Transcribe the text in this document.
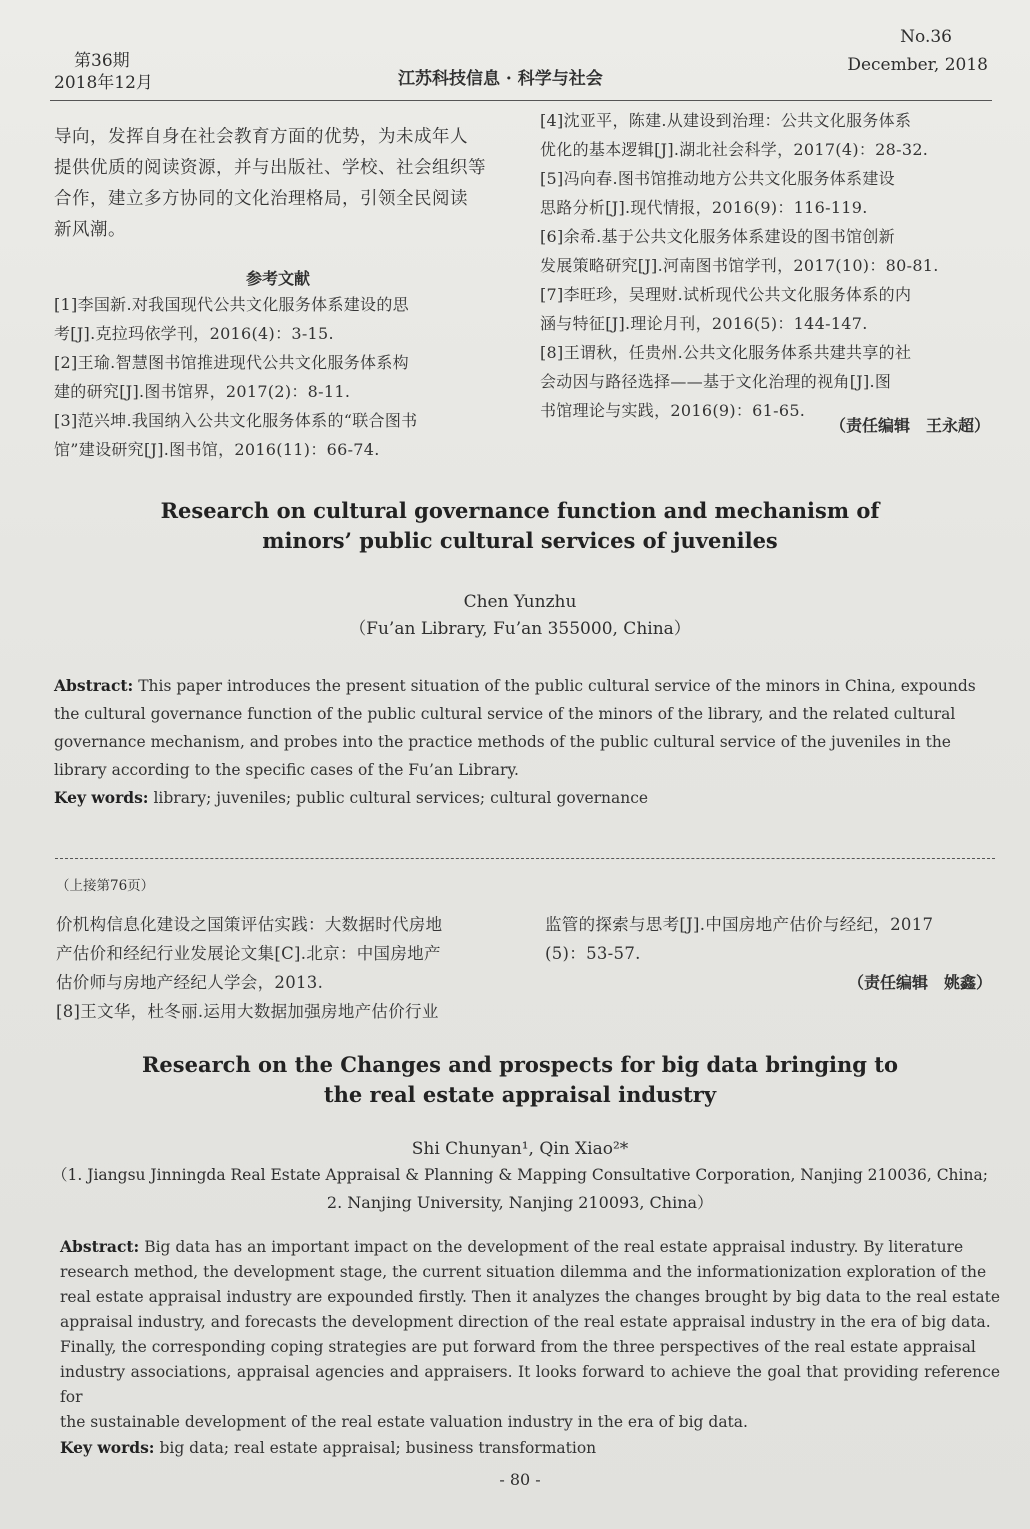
第36期
2018年12月	江苏科技信息 · 科学与社会
No.36
December, 2018
导向，发挥自身在社会教育方面的优势，为未成年人
提供优质的阅读资源，并与出版社、学校、社会组织等
合作，建立多方协同的文化治理格局，引领全民阅读
新风潮。
参考文献
[1]李国新.对我国现代公共文化服务体系建设的思
考[J].克拉玛依学刊，2016(4)：3-15.
[2]王瑜.智慧图书馆推进现代公共文化服务体系构
建的研究[J].图书馆界，2017(2)：8-11.
[3]范兴坤.我国纳入公共文化服务体系的“联合图书
馆”建设研究[J].图书馆，2016(11)：66-74.
[4]沈亚平，陈建.从建设到治理：公共文化服务体系
优化的基本逻辑[J].湖北社会科学，2017(4)：28-32.
[5]冯向春.图书馆推动地方公共文化服务体系建设
思路分析[J].现代情报，2016(9)：116-119.
[6]余希.基于公共文化服务体系建设的图书馆创新
发展策略研究[J].河南图书馆学刊，2017(10)：80-81.
[7]李旺珍，吴理财.试析现代公共文化服务体系的内
涵与特征[J].理论月刊，2016(5)：144-147.
[8]王谓秋，任贵州.公共文化服务体系共建共享的社
会动因与路径选择——基于文化治理的视角[J].图
书馆理论与实践，2016(9)：61-65.
（责任编辑　王永超）
Research on cultural governance function and mechanism of
minors’ public cultural services of juveniles
Chen Yunzhu
（Fu’an Library, Fu’an 355000, China）
Abstract: This paper introduces the present situation of the public cultural service of the minors in China, expounds
the cultural governance function of the public cultural service of the minors of the library, and the related cultural
governance mechanism, and probes into the practice methods of the public cultural service of the juveniles in the
library according to the specific cases of the Fu’an Library.
Key words: library; juveniles; public cultural services; cultural governance
（上接第76页）
价机构信息化建设之国策评估实践：大数据时代房地
产估价和经纪行业发展论文集[C].北京：中国房地产
估价师与房地产经纪人学会，2013.
[8]王文华，杜冬丽.运用大数据加强房地产估价行业
监管的探索与思考[J].中国房地产估价与经纪，2017
(5)：53-57.
（责任编辑　姚鑫）
Research on the Changes and prospects for big data bringing to
the real estate appraisal industry
Shi Chunyan¹, Qin Xiao²*
（1. Jiangsu Jinningda Real Estate Appraisal & Planning & Mapping Consultative Corporation, Nanjing 210036, China;
2. Nanjing University, Nanjing 210093, China）
Abstract: Big data has an important impact on the development of the real estate appraisal industry. By literature
research method, the development stage, the current situation dilemma and the informationization exploration of the
real estate appraisal industry are expounded firstly. Then it analyzes the changes brought by big data to the real estate
appraisal industry, and forecasts the development direction of the real estate appraisal industry in the era of big data.
Finally, the corresponding coping strategies are put forward from the three perspectives of the real estate appraisal
industry associations, appraisal agencies and appraisers. It looks forward to achieve the goal that providing reference for
the sustainable development of the real estate valuation industry in the era of big data.
Key words: big data; real estate appraisal; business transformation
- 80 -
